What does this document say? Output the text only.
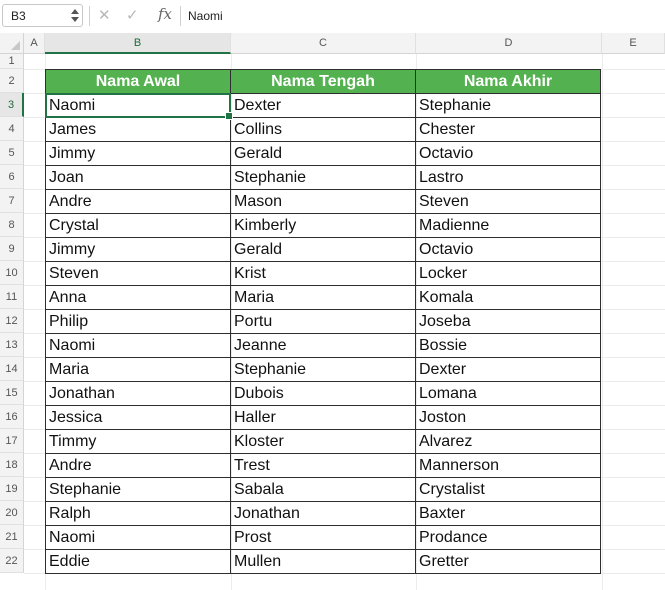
B3	✕ ✓ fx Naomi
A	B	C	D	E
1
2
3
4
5
6
7
8
9
10
11
12
13
14
15
16
17
18
19
20
21
22
Nama Awal	Nama Tengah	Nama Akhir
Naomi	Dexter	Stephanie
James	Collins	Chester
Jimmy	Gerald	Octavio
Joan	Stephanie	Lastro
Andre	Mason	Steven
Crystal	Kimberly	Madienne
Jimmy	Gerald	Octavio
Steven	Krist	Locker
Anna	Maria	Komala
Philip	Portu	Joseba
Naomi	Jeanne	Bossie
Maria	Stephanie	Dexter
Jonathan	Dubois	Lomana
Jessica	Haller	Joston
Timmy	Kloster	Alvarez
Andre	Trest	Mannerson
Stephanie	Sabala	Crystalist
Ralph	Jonathan	Baxter
Naomi	Prost	Prodance
Eddie	Mullen	Gretter
